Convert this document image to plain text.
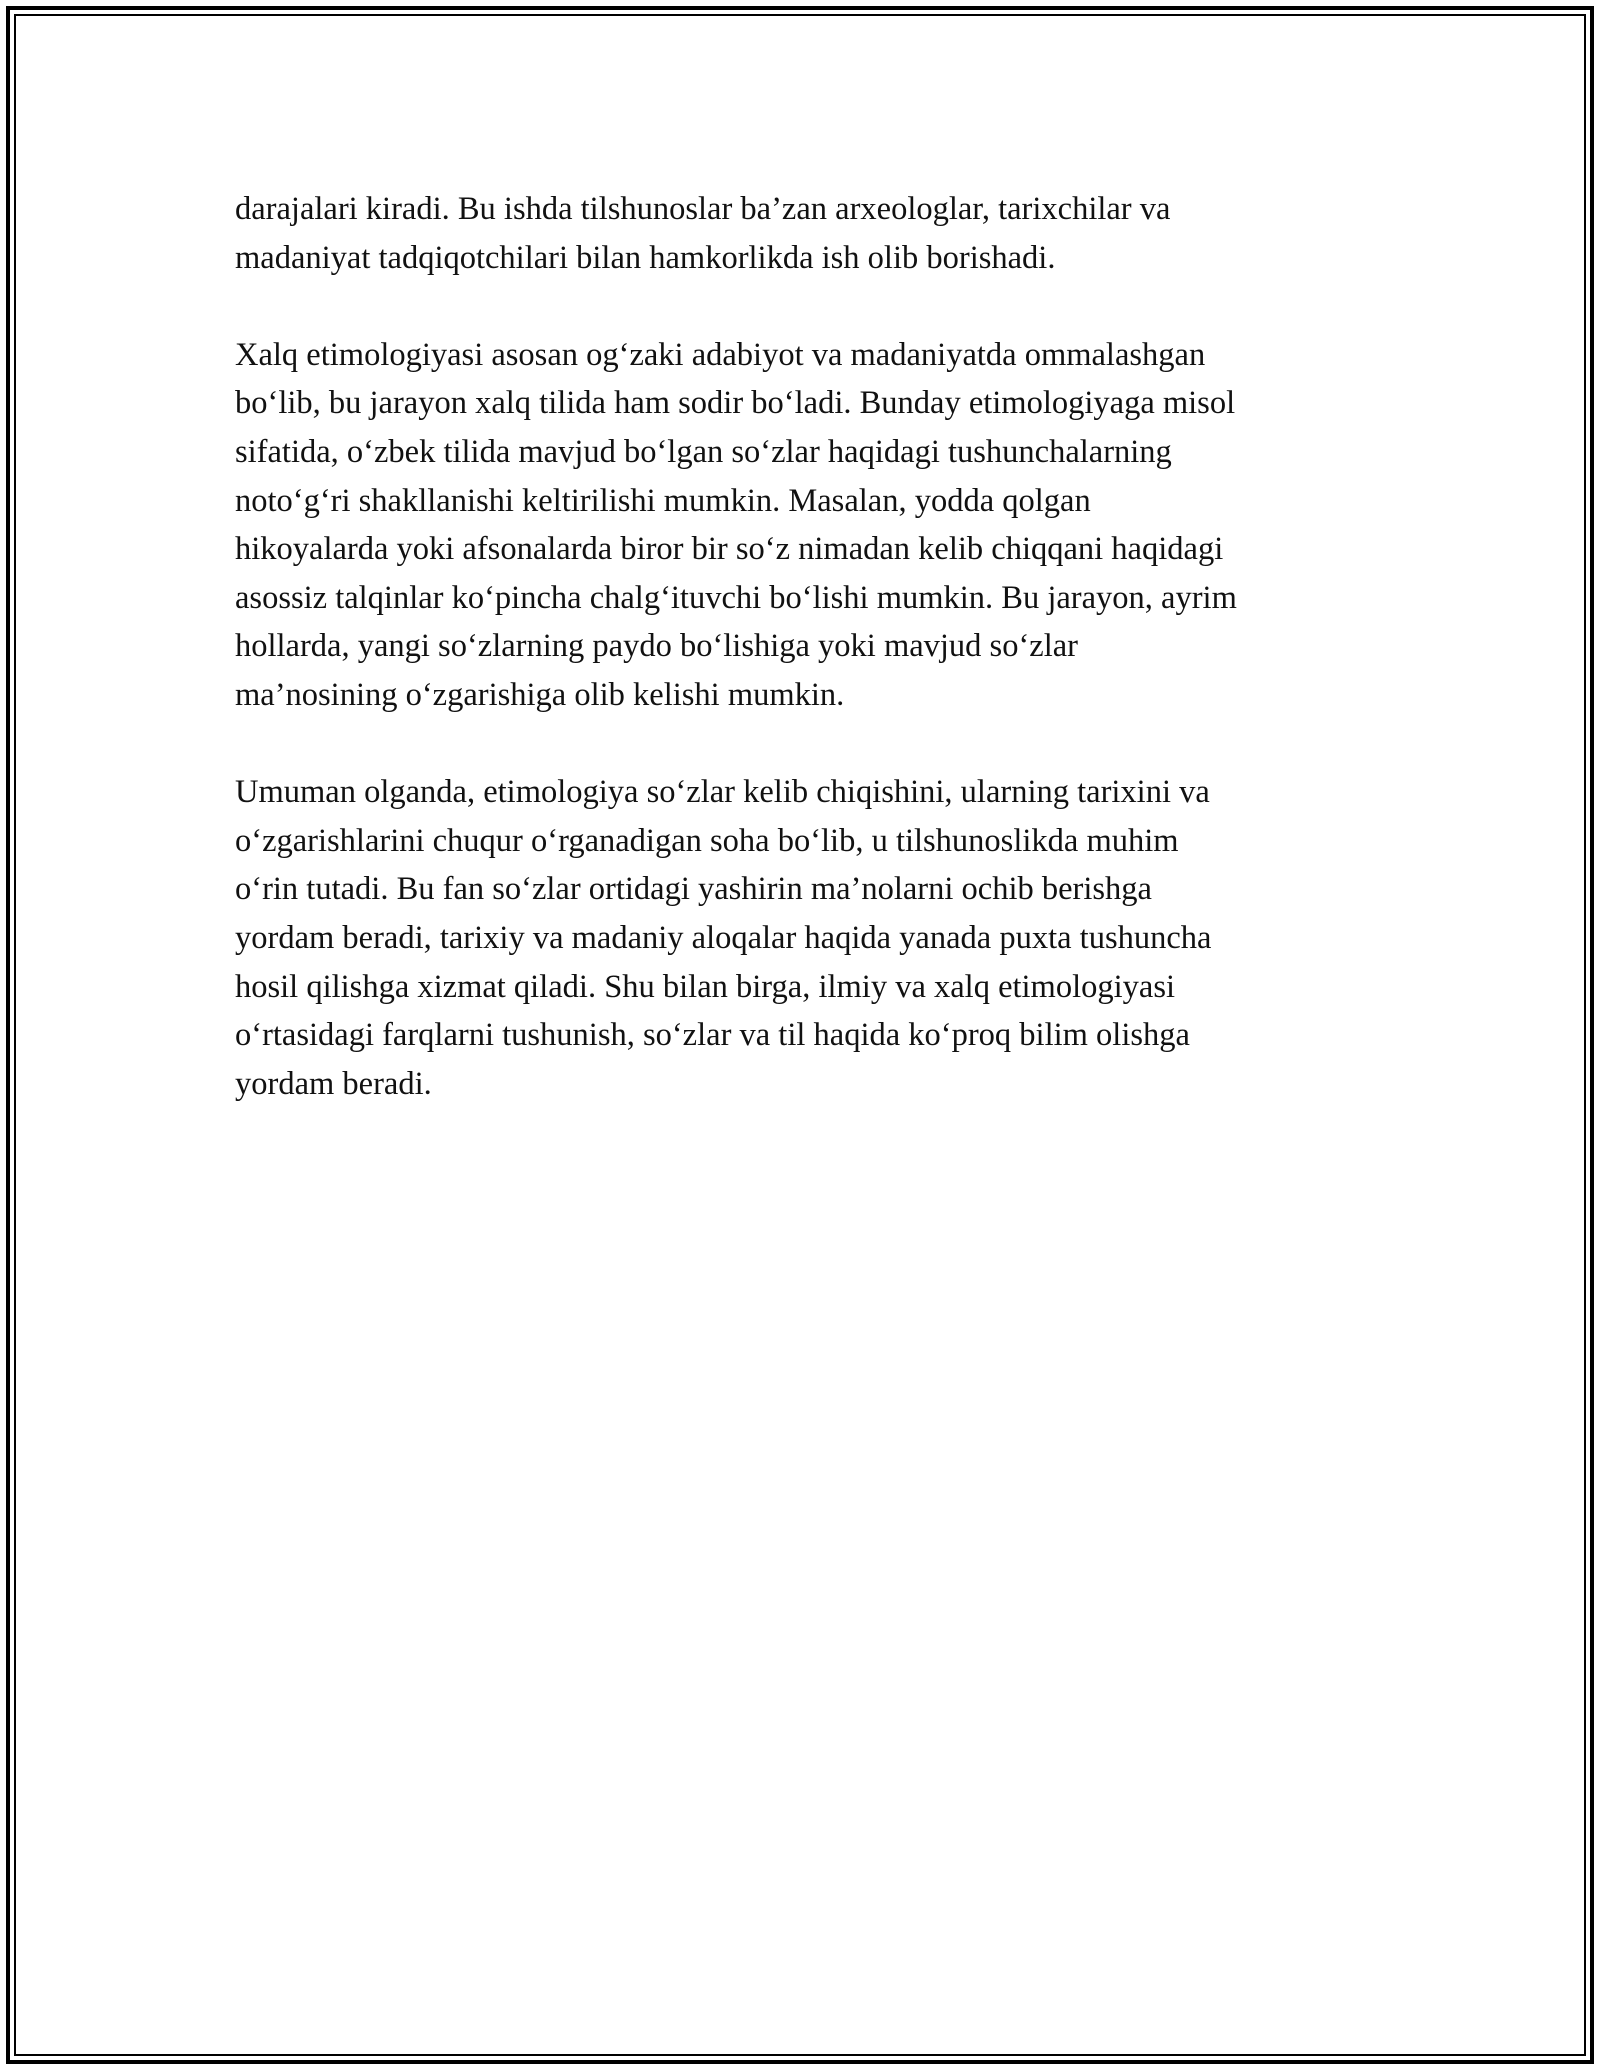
darajalari kiradi. Bu ishda tilshunoslar ba’zan arxeologlar, tarixchilar va
madaniyat tadqiqotchilari bilan hamkorlikda ish olib borishadi.

Xalq etimologiyasi asosan og‘zaki adabiyot va madaniyatda ommalashgan
bo‘lib, bu jarayon xalq tilida ham sodir bo‘ladi. Bunday etimologiyaga misol
sifatida, o‘zbek tilida mavjud bo‘lgan so‘zlar haqidagi tushunchalarning
noto‘g‘ri shakllanishi keltirilishi mumkin. Masalan, yodda qolgan
hikoyalarda yoki afsonalarda biror bir so‘z nimadan kelib chiqqani haqidagi
asossiz talqinlar ko‘pincha chalg‘ituvchi bo‘lishi mumkin. Bu jarayon, ayrim
hollarda, yangi so‘zlarning paydo bo‘lishiga yoki mavjud so‘zlar
ma’nosining o‘zgarishiga olib kelishi mumkin.

Umuman olganda, etimologiya so‘zlar kelib chiqishini, ularning tarixini va
o‘zgarishlarini chuqur o‘rganadigan soha bo‘lib, u tilshunoslikda muhim
o‘rin tutadi. Bu fan so‘zlar ortidagi yashirin ma’nolarni ochib berishga
yordam beradi, tarixiy va madaniy aloqalar haqida yanada puxta tushuncha
hosil qilishga xizmat qiladi. Shu bilan birga, ilmiy va xalq etimologiyasi
o‘rtasidagi farqlarni tushunish, so‘zlar va til haqida ko‘proq bilim olishga
yordam beradi.
